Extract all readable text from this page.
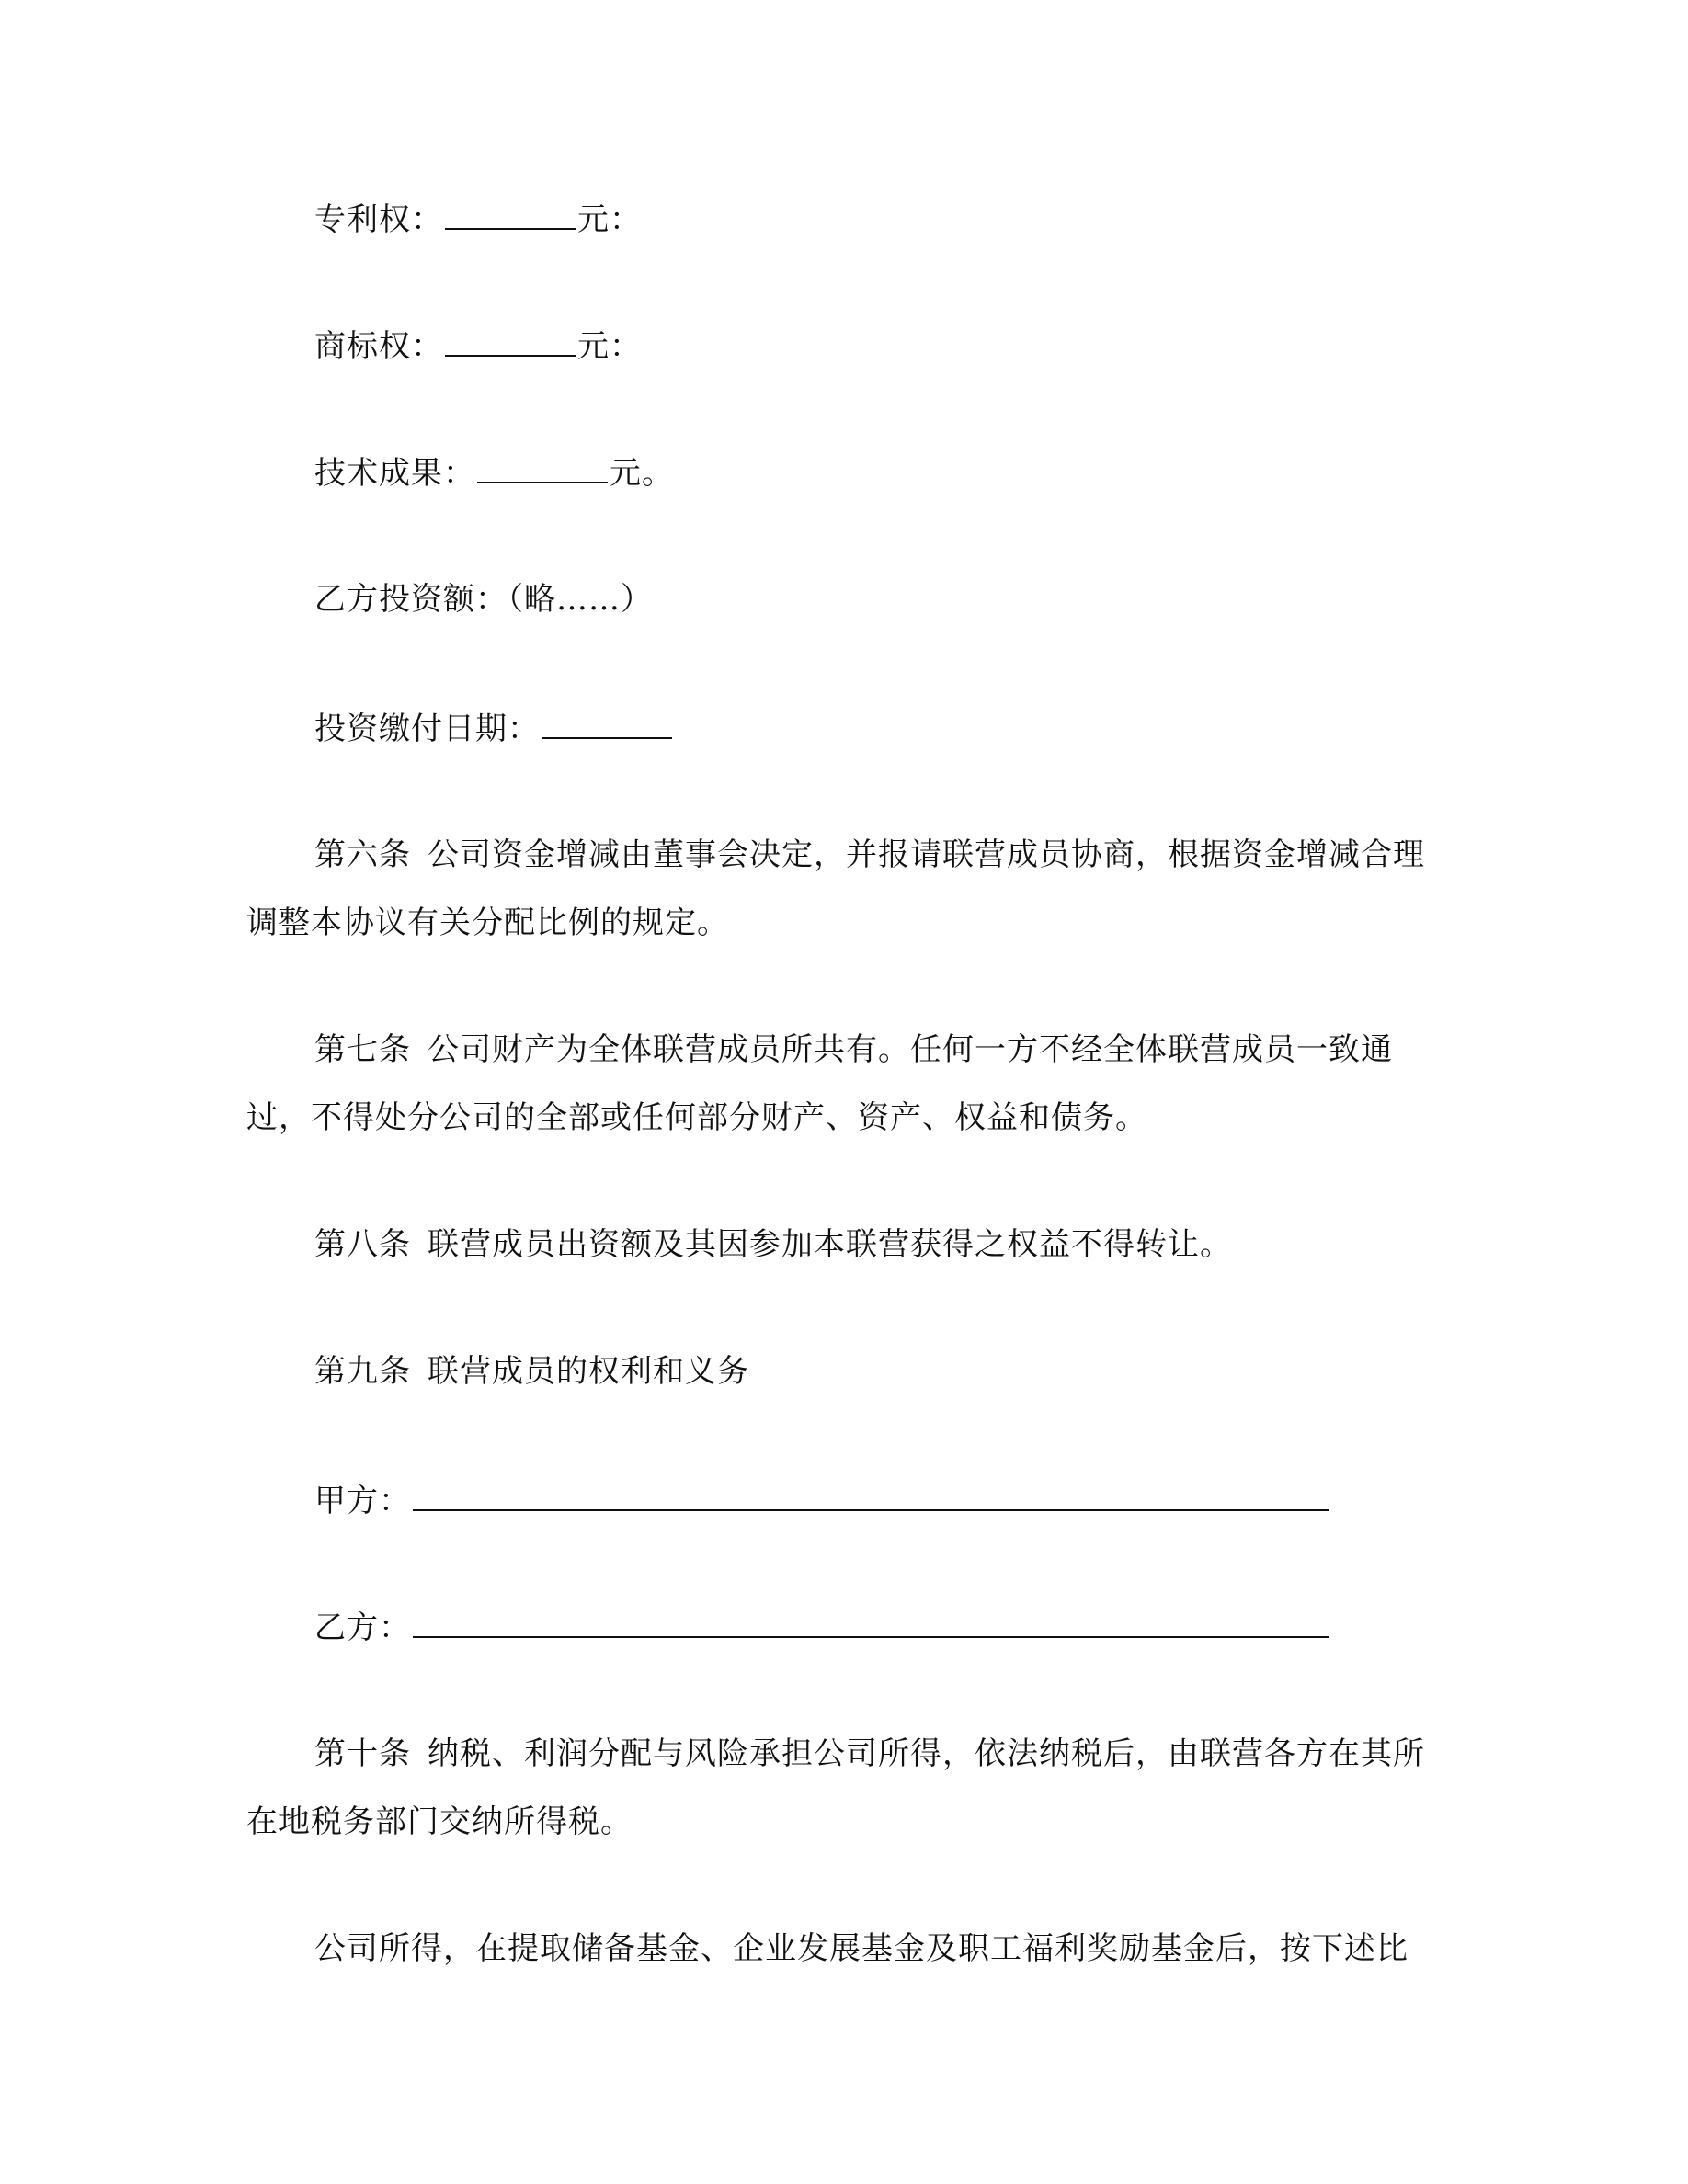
专利权：	元：
商标权：	元：
技术成果：	元。
乙方投资额：（略……）
投资缴付日期：
第六条 公司资金增减由董事会决定，并报请联营成员协商，根据资金增减合理
调整本协议有关分配比例的规定。
第七条 公司财产为全体联营成员所共有。任何一方不经全体联营成员一致通
过，不得处分公司的全部或任何部分财产、资产、权益和债务。
第八条 联营成员出资额及其因参加本联营获得之权益不得转让。
第九条 联营成员的权利和义务
甲方：
乙方：
第十条 纳税、利润分配与风险承担公司所得，依法纳税后，由联营各方在其所
在地税务部门交纳所得税。
公司所得，在提取储备基金、企业发展基金及职工福利奖励基金后，按下述比
